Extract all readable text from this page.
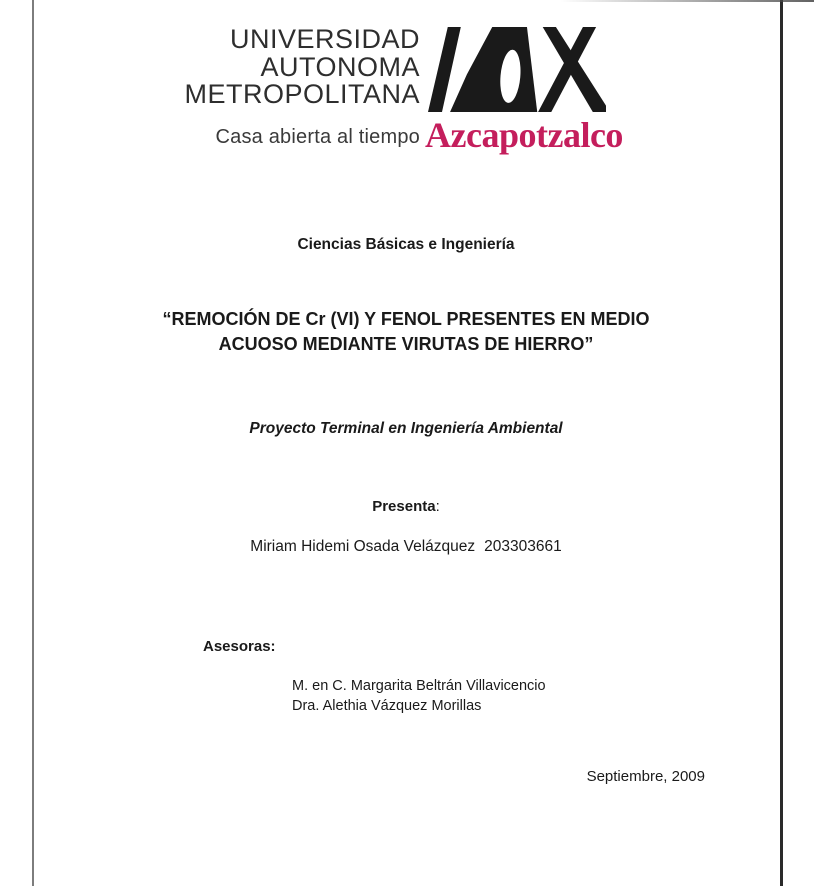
UNIVERSIDAD
AUTONOMA
METROPOLITANA
Casa abierta al tiempo Azcapotzalco
Ciencias Básicas e Ingeniería
“REMOCIÓN DE Cr (VI) Y FENOL PRESENTES EN MEDIO
ACUOSO MEDIANTE VIRUTAS DE HIERRO”
Proyecto Terminal en Ingeniería Ambiental
Presenta:
Miriam Hidemi Osada Velázquez 203303661
Asesoras:
M. en C. Margarita Beltrán Villavicencio
Dra. Alethia Vázquez Morillas
Septiembre, 2009
